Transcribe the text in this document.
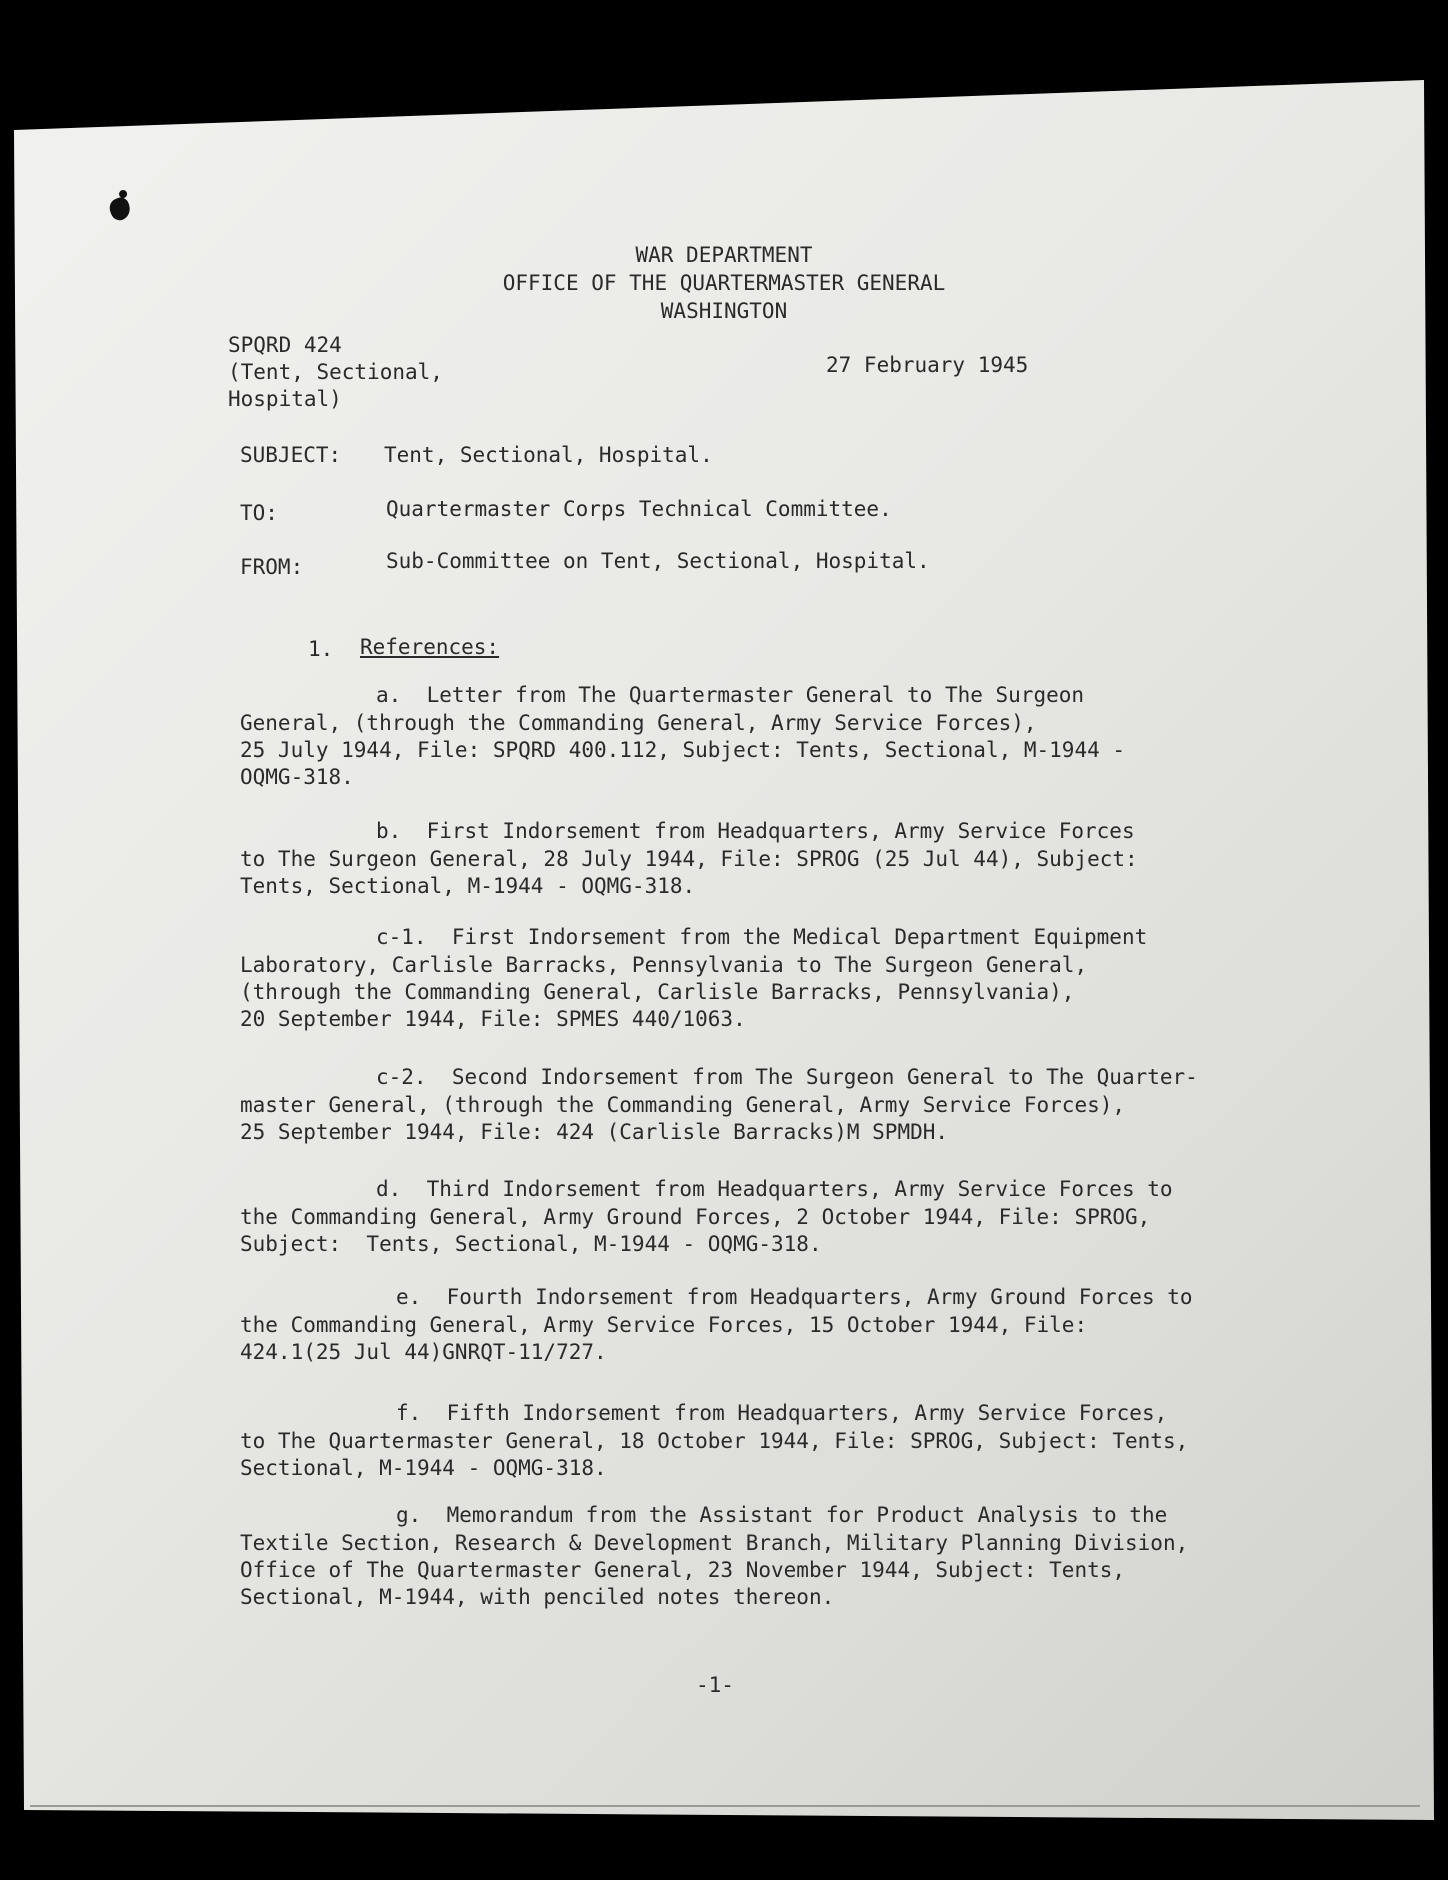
WAR DEPARTMENT
OFFICE OF THE QUARTERMASTER GENERAL
WASHINGTON
SPQRD 424
(Tent, Sectional,
Hospital)
27 February 1945
SUBJECT: Tent, Sectional, Hospital.
TO:	Quartermaster Corps Technical Committee.
FROM:	Sub-Committee on Tent, Sectional, Hospital.
1. References:
a.  Letter from The Quartermaster General to The Surgeon
General, (through the Commanding General, Army Service Forces),
25 July 1944, File: SPQRD 400.112, Subject: Tents, Sectional, M-1944 -
OQMG-318.
b.  First Indorsement from Headquarters, Army Service Forces
to The Surgeon General, 28 July 1944, File: SPROG (25 Jul 44), Subject:
Tents, Sectional, M-1944 - OQMG-318.
c-1.  First Indorsement from the Medical Department Equipment
Laboratory, Carlisle Barracks, Pennsylvania to The Surgeon General,
(through the Commanding General, Carlisle Barracks, Pennsylvania),
20 September 1944, File: SPMES 440/1063.
c-2.  Second Indorsement from The Surgeon General to The Quarter-
master General, (through the Commanding General, Army Service Forces),
25 September 1944, File: 424 (Carlisle Barracks)M SPMDH.
d.  Third Indorsement from Headquarters, Army Service Forces to
the Commanding General, Army Ground Forces, 2 October 1944, File: SPROG,
Subject:  Tents, Sectional, M-1944 - OQMG-318.
e.  Fourth Indorsement from Headquarters, Army Ground Forces to
the Commanding General, Army Service Forces, 15 October 1944, File:
424.1(25 Jul 44)GNRQT-11/727.
f.  Fifth Indorsement from Headquarters, Army Service Forces,
to The Quartermaster General, 18 October 1944, File: SPROG, Subject: Tents,
Sectional, M-1944 - OQMG-318.
g.  Memorandum from the Assistant for Product Analysis to the
Textile Section, Research & Development Branch, Military Planning Division,
Office of The Quartermaster General, 23 November 1944, Subject: Tents,
Sectional, M-1944, with penciled notes thereon.
-1-
